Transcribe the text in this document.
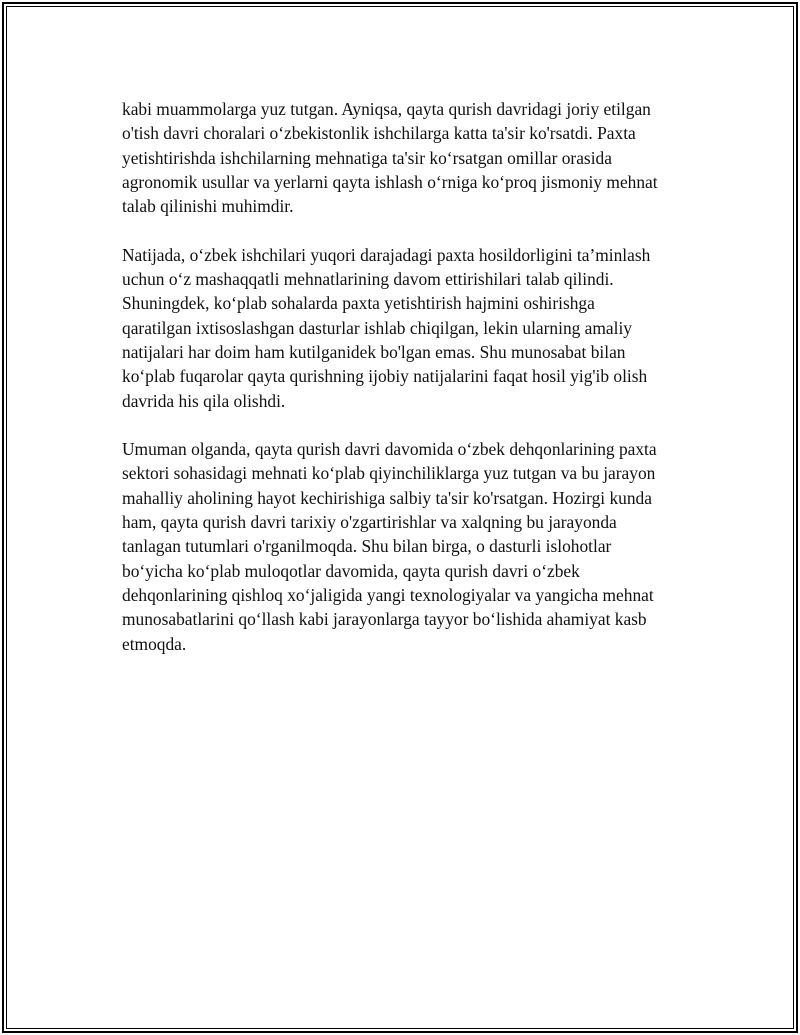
kabi muammolarga yuz tutgan. Ayniqsa, qayta qurish davridagi joriy etilgan
o'tish davri choralari oʻzbekistonlik ishchilarga katta ta'sir ko'rsatdi. Paxta
yetishtirishda ishchilarning mehnatiga ta'sir koʻrsatgan omillar orasida
agronomik usullar va yerlarni qayta ishlash oʻrniga koʻproq jismoniy mehnat
talab qilinishi muhimdir.

Natijada, oʻzbek ishchilari yuqori darajadagi paxta hosildorligini taʼminlash
uchun oʻz mashaqqatli mehnatlarining davom ettirishilari talab qilindi.
Shuningdek, koʻplab sohalarda paxta yetishtirish hajmini oshirishga
qaratilgan ixtisoslashgan dasturlar ishlab chiqilgan, lekin ularning amaliy
natijalari har doim ham kutilganidek bo'lgan emas. Shu munosabat bilan
koʻplab fuqarolar qayta qurishning ijobiy natijalarini faqat hosil yig'ib olish
davrida his qila olishdi.

Umuman olganda, qayta qurish davri davomida oʻzbek dehqonlarining paxta
sektori sohasidagi mehnati koʻplab qiyinchiliklarga yuz tutgan va bu jarayon
mahalliy aholining hayot kechirishiga salbiy ta'sir ko'rsatgan. Hozirgi kunda
ham, qayta qurish davri tarixiy o'zgartirishlar va xalqning bu jarayonda
tanlagan tutumlari o'rganilmoqda. Shu bilan birga, o dasturli islohotlar
boʻyicha koʻplab muloqotlar davomida, qayta qurish davri oʻzbek
dehqonlarining qishloq xoʻjaligida yangi texnologiyalar va yangicha mehnat
munosabatlarini qoʻllash kabi jarayonlarga tayyor boʻlishida ahamiyat kasb
etmoqda.
